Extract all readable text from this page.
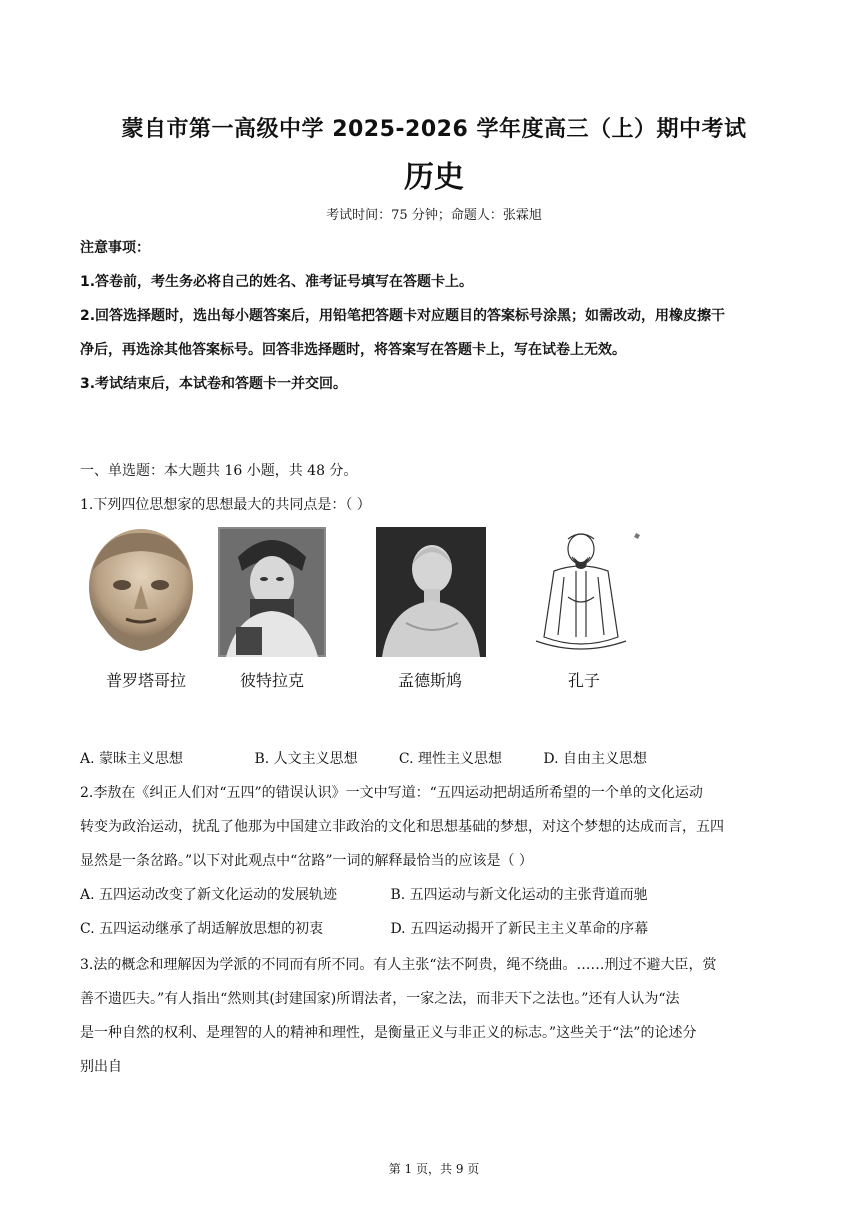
蒙自市第一高级中学 2025-2026 学年度高三（上）期中考试
历史
考试时间：75 分钟；命题人：张霖旭
注意事项：
1.答卷前，考生务必将自己的姓名、准考证号填写在答题卡上。
2.回答选择题时，选出每小题答案后，用铅笔把答题卡对应题目的答案标号涂黑；如需改动，用橡皮擦干
净后，再选涂其他答案标号。回答非选择题时，将答案写在答题卡上，写在试卷上无效。
3.考试结束后，本试卷和答题卡一并交回。
一、单选题：本大题共 16 小题，共 48 分。
1.下列四位思想家的思想最大的共同点是：（ ）
普罗塔哥拉	彼特拉克	孟德斯鸠	孔子
A. 蒙昧主义思想	B. 人文主义思想	C. 理性主义思想	D. 自由主义思想
2.李敖在《纠正人们对“五四”的错误认识》一文中写道：“五四运动把胡适所希望的一个单的文化运动
转变为政治运动，扰乱了他那为中国建立非政治的文化和思想基础的梦想，对这个梦想的达成而言，五四
显然是一条岔路。”以下对此观点中“岔路”一词的解释最恰当的应该是（ ）
A. 五四运动改变了新文化运动的发展轨迹	B. 五四运动与新文化运动的主张背道而驰
C. 五四运动继承了胡适解放思想的初衷	D. 五四运动揭开了新民主主义革命的序幕
3.法的概念和理解因为学派的不同而有所不同。有人主张“法不阿贵，绳不绕曲。……刑过不避大臣，赏
善不遗匹夫。”有人指出“然则其(封建国家)所谓法者，一家之法，而非天下之法也。”还有人认为“法
是一种自然的权利、是理智的人的精神和理性，是衡量正义与非正义的标志。”这些关于“法”的论述分
别出自
第 1 页，共 9 页
